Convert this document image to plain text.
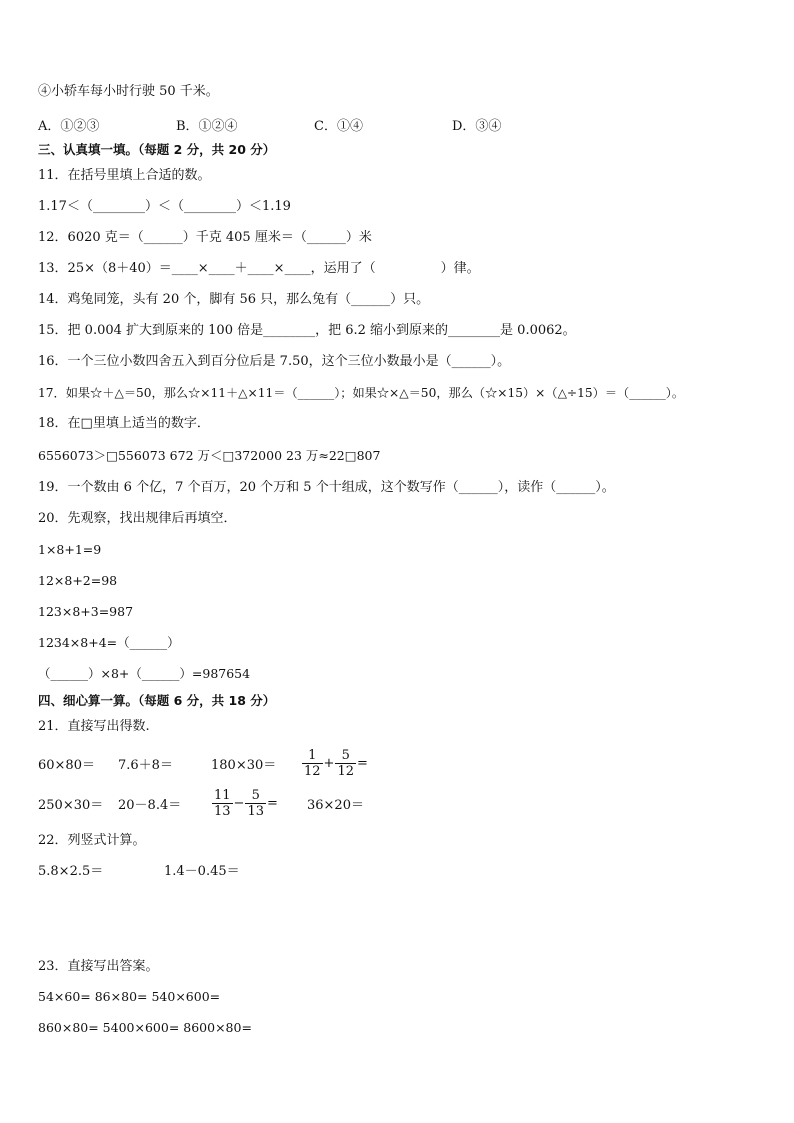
④小轿车每小时行驶 50 千米。
A．①②③	B．①②④	C．①④	D．③④
三、认真填一填。（每题 2 分，共 20 分）
11．在括号里填上合适的数。
1.17＜（________）＜（________）＜1.19
12．6020 克＝（______）千克 405 厘米＝（______）米
13．25×（8＋40）＝____×____＋____×____，运用了（　　　　　）律。
14．鸡兔同笼，头有 20 个，脚有 56 只，那么兔有（______）只。
15．把 0.004 扩大到原来的 100 倍是________，把 6.2 缩小到原来的________是 0.0062。
16．一个三位小数四舍五入到百分位后是 7.50，这个三位小数最小是（______）。
17．如果☆＋△＝50，那么☆×11＋△×11＝（______）；如果☆×△＝50，那么（☆×15）×（△÷15）＝（______）。
18．在□里填上适当的数字．
6556073＞□556073 672 万＜□372000 23 万≈22□807
19．一个数由 6 个亿，7 个百万，20 个万和 5 个十组成，这个数写作（______），读作（______）。
20．先观察，找出规律后再填空．
1×8+1=9
12×8+2=98
123×8+3=987
1234×8+4=（______）
（______）×8+（______）=987654
四、细心算一算。（每题 6 分，共 18 分）
21．直接写出得数.
60×80＝	7.6＋8＝	180×30＝	$\frac{1}{12} + \frac{5}{12}$ =
250×30＝	20－8.4＝	$\frac{11}{13} - \frac{5}{13}$ =	36×20＝
22．列竖式计算。
5.8×2.5＝	1.4－0.45＝
23．直接写出答案。
54×60= 86×80= 540×600=
860×80= 5400×600= 8600×80=
